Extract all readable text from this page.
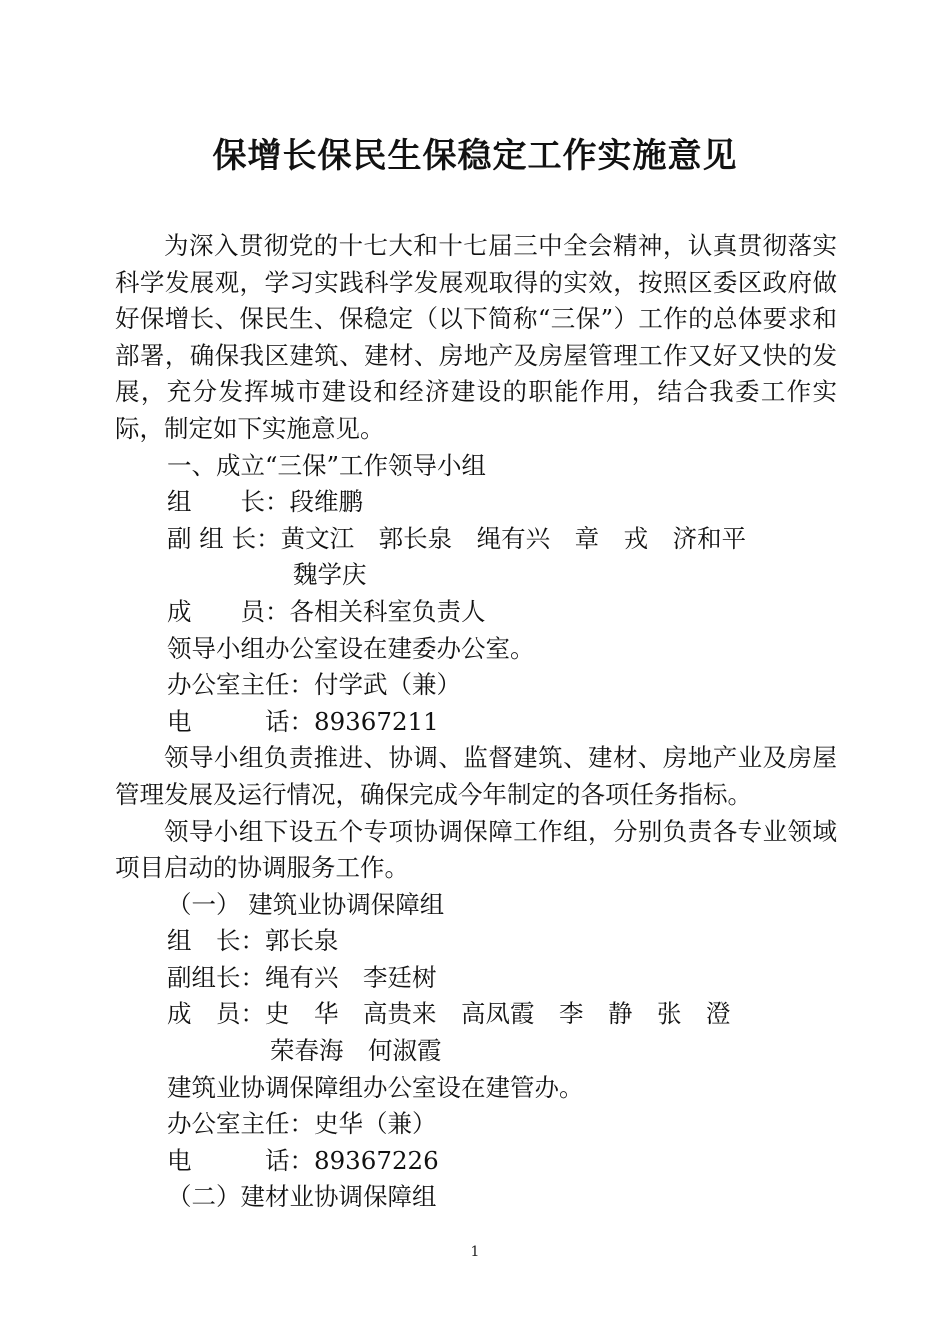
保增长保民生保稳定工作实施意见

为深入贯彻党的十七大和十七届三中全会精神，认真贯彻落实科学发展观，学习实践科学发展观取得的实效，按照区委区政府做好保增长、保民生、保稳定（以下简称“三保”）工作的总体要求和部署，确保我区建筑、建材、房地产及房屋管理工作又好又快的发展，充分发挥城市建设和经济建设的职能作用，结合我委工作实际，制定如下实施意见。

一、成立“三保”工作领导小组

组　　长：段维鹏

副 组 长：黄文江　郭长泉　绳有兴　章　戎　济和平

魏学庆

成　　员：各相关科室负责人

领导小组办公室设在建委办公室。

办公室主任：付学武（兼）

电　　　话：89367211

领导小组负责推进、协调、监督建筑、建材、房地产业及房屋管理发展及运行情况，确保完成今年制定的各项任务指标。

领导小组下设五个专项协调保障工作组，分别负责各专业领域项目启动的协调服务工作。

（一） 建筑业协调保障组

组　长：郭长泉

副组长：绳有兴　李廷树

成　员：史　华　高贵来　高凤霞　李　静　张　澄

荣春海　何淑霞

建筑业协调保障组办公室设在建管办。

办公室主任：史华（兼）

电　　　话：89367226

（二）建材业协调保障组

1
